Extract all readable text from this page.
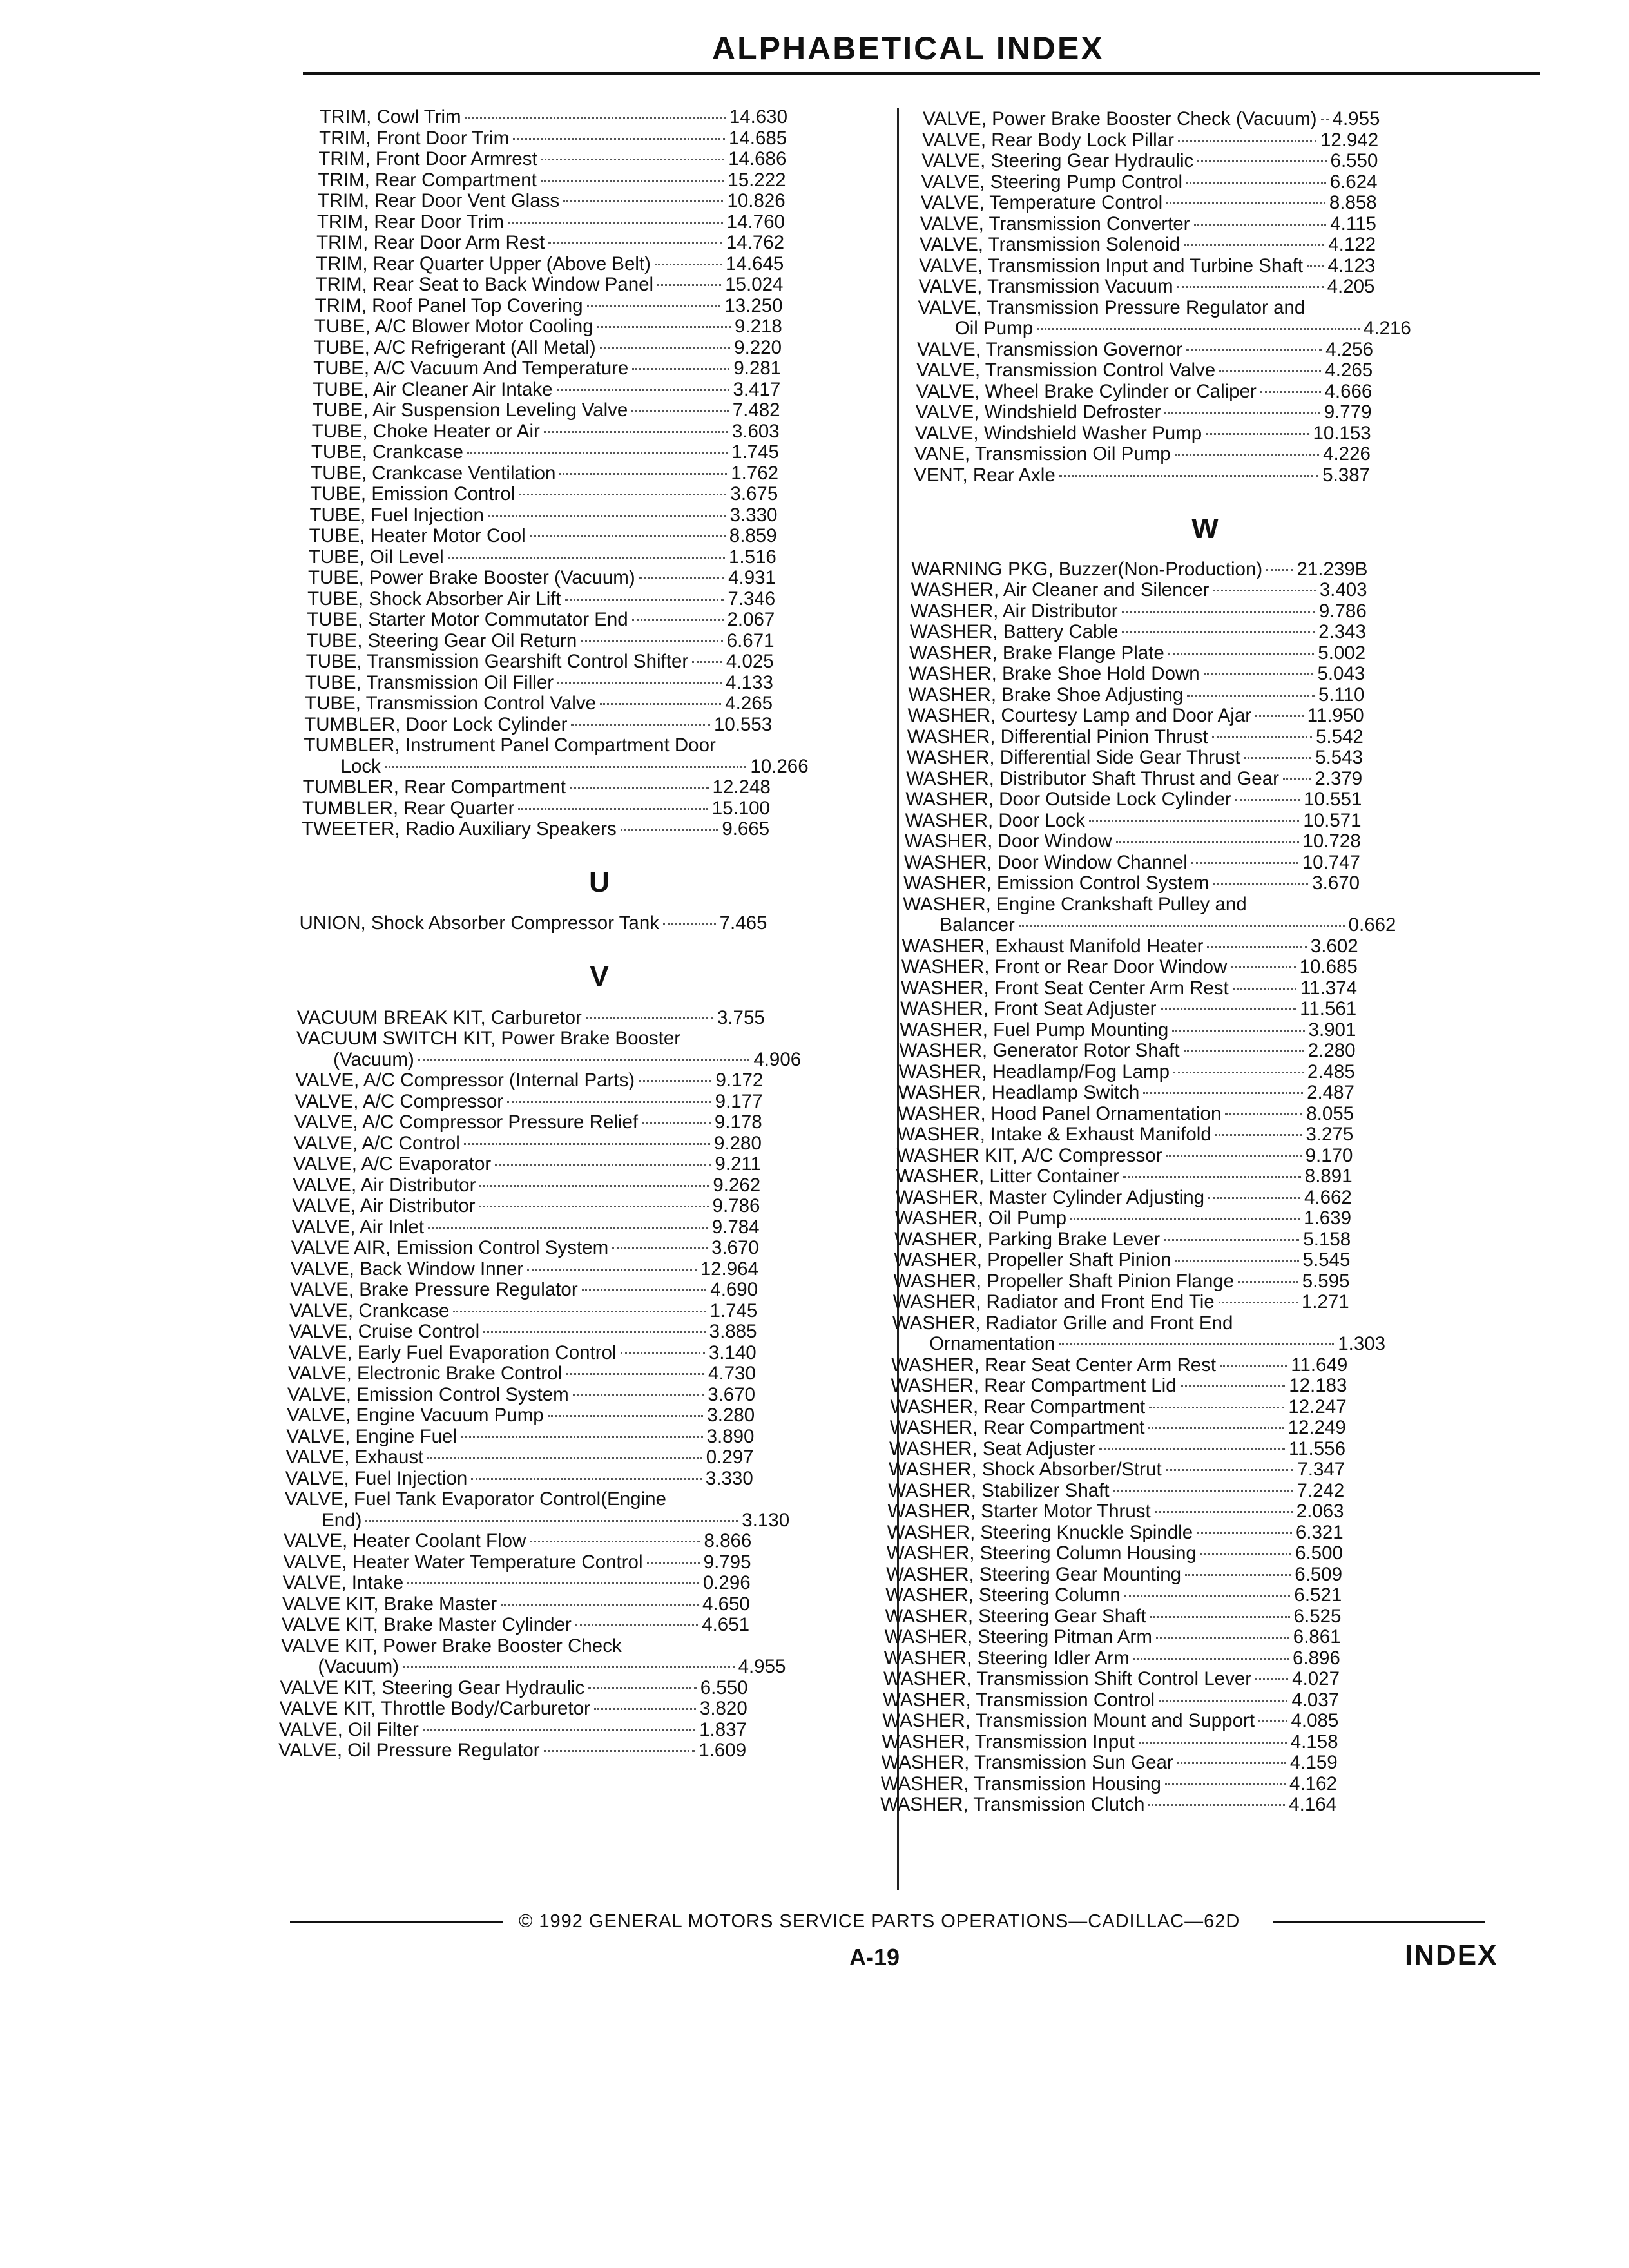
ALPHABETICAL INDEX
TRIM, Cowl Trim	14.630
TRIM, Front Door Trim	14.685
TRIM, Front Door Armrest	14.686
TRIM, Rear Compartment	15.222
TRIM, Rear Door Vent Glass	10.826
TRIM, Rear Door Trim	14.760
TRIM, Rear Door Arm Rest	14.762
TRIM, Rear Quarter Upper (Above Belt)	14.645
TRIM, Rear Seat to Back Window Panel	15.024
TRIM, Roof Panel Top Covering	13.250
TUBE, A/C Blower Motor Cooling	9.218
TUBE, A/C Refrigerant (All Metal)	9.220
TUBE, A/C Vacuum And Temperature	9.281
TUBE, Air Cleaner Air Intake	3.417
TUBE, Air Suspension Leveling Valve	7.482
TUBE, Choke Heater or Air	3.603
TUBE, Crankcase	1.745
TUBE, Crankcase Ventilation	1.762
TUBE, Emission Control	3.675
TUBE, Fuel Injection	3.330
TUBE, Heater Motor Cool	8.859
TUBE, Oil Level	1.516
TUBE, Power Brake Booster (Vacuum)	4.931
TUBE, Shock Absorber Air Lift	7.346
TUBE, Starter Motor Commutator End	2.067
TUBE, Steering Gear Oil Return	6.671
TUBE, Transmission Gearshift Control Shifter 4.025
TUBE, Transmission Oil Filler	4.133
TUBE, Transmission Control Valve	4.265
TUMBLER, Door Lock Cylinder	10.553
TUMBLER, Instrument Panel Compartment Door
Lock	10.266
TUMBLER, Rear Compartment	12.248
TUMBLER, Rear Quarter	15.100
TWEETER, Radio Auxiliary Speakers	9.665
U
UNION, Shock Absorber Compressor Tank	7.465
V
VACUUM BREAK KIT, Carburetor	3.755
VACUUM SWITCH KIT, Power Brake Booster
(Vacuum)	4.906
VALVE, A/C Compressor (Internal Parts)	9.172
VALVE, A/C Compressor	9.177
VALVE, A/C Compressor Pressure Relief	9.178
VALVE, A/C Control	9.280
VALVE, A/C Evaporator	9.211
VALVE, Air Distributor	9.262
VALVE, Air Distributor	9.786
VALVE, Air Inlet	9.784
VALVE AIR, Emission Control System	3.670
VALVE, Back Window Inner	12.964
VALVE, Brake Pressure Regulator	4.690
VALVE, Crankcase	1.745
VALVE, Cruise Control	3.885
VALVE, Early Fuel Evaporation Control	3.140
VALVE, Electronic Brake Control	4.730
VALVE, Emission Control System	3.670
VALVE, Engine Vacuum Pump	3.280
VALVE, Engine Fuel	3.890
VALVE, Exhaust	0.297
VALVE, Fuel Injection	3.330
VALVE, Fuel Tank Evaporator Control(Engine
End)	3.130
VALVE, Heater Coolant Flow	8.866
VALVE, Heater Water Temperature Control	9.795
VALVE, Intake	0.296
VALVE KIT, Brake Master	4.650
VALVE KIT, Brake Master Cylinder	4.651
VALVE KIT, Power Brake Booster Check
(Vacuum)	4.955
VALVE KIT, Steering Gear Hydraulic	6.550
VALVE KIT, Throttle Body/Carburetor	3.820
VALVE, Oil Filter	1.837
VALVE, Oil Pressure Regulator	1.609
VALVE, Power Brake Booster Check (Vacuum) 4.955
VALVE, Rear Body Lock Pillar	12.942
VALVE, Steering Gear Hydraulic	6.550
VALVE, Steering Pump Control	6.624
VALVE, Temperature Control	8.858
VALVE, Transmission Converter	4.115
VALVE, Transmission Solenoid	4.122
VALVE, Transmission Input and Turbine Shaft 4.123
VALVE, Transmission Vacuum	4.205
VALVE, Transmission Pressure Regulator and
Oil Pump	4.216
VALVE, Transmission Governor	4.256
VALVE, Transmission Control Valve	4.265
VALVE, Wheel Brake Cylinder or Caliper	4.666
VALVE, Windshield Defroster	9.779
VALVE, Windshield Washer Pump	10.153
VANE, Transmission Oil Pump	4.226
VENT, Rear Axle	5.387
W
WARNING PKG, Buzzer(Non-Production) 21.239B
WASHER, Air Cleaner and Silencer	3.403
WASHER, Air Distributor	9.786
WASHER, Battery Cable	2.343
WASHER, Brake Flange Plate	5.002
WASHER, Brake Shoe Hold Down	5.043
WASHER, Brake Shoe Adjusting	5.110
WASHER, Courtesy Lamp and Door Ajar	11.950
WASHER, Differential Pinion Thrust	5.542
WASHER, Differential Side Gear Thrust	5.543
WASHER, Distributor Shaft Thrust and Gear 2.379
WASHER, Door Outside Lock Cylinder	10.551
WASHER, Door Lock	10.571
WASHER, Door Window	10.728
WASHER, Door Window Channel	10.747
WASHER, Emission Control System	3.670
WASHER, Engine Crankshaft Pulley and
Balancer	0.662
WASHER, Exhaust Manifold Heater	3.602
WASHER, Front or Rear Door Window	10.685
WASHER, Front Seat Center Arm Rest	11.374
WASHER, Front Seat Adjuster	11.561
WASHER, Fuel Pump Mounting	3.901
WASHER, Generator Rotor Shaft	2.280
WASHER, Headlamp/Fog Lamp	2.485
WASHER, Headlamp Switch	2.487
WASHER, Hood Panel Ornamentation	8.055
WASHER, Intake & Exhaust Manifold	3.275
WASHER KIT, A/C Compressor	9.170
WASHER, Litter Container	8.891
WASHER, Master Cylinder Adjusting	4.662
WASHER, Oil Pump	1.639
WASHER, Parking Brake Lever	5.158
WASHER, Propeller Shaft Pinion	5.545
WASHER, Propeller Shaft Pinion Flange	5.595
WASHER, Radiator and Front End Tie	1.271
WASHER, Radiator Grille and Front End
Ornamentation	1.303
WASHER, Rear Seat Center Arm Rest	11.649
WASHER, Rear Compartment Lid	12.183
WASHER, Rear Compartment	12.247
WASHER, Rear Compartment	12.249
WASHER, Seat Adjuster	11.556
WASHER, Shock Absorber/Strut	7.347
WASHER, Stabilizer Shaft	7.242
WASHER, Starter Motor Thrust	2.063
WASHER, Steering Knuckle Spindle	6.321
WASHER, Steering Column Housing	6.500
WASHER, Steering Gear Mounting	6.509
WASHER, Steering Column	6.521
WASHER, Steering Gear Shaft	6.525
WASHER, Steering Pitman Arm	6.861
WASHER, Steering Idler Arm	6.896
WASHER, Transmission Shift Control Lever 4.027
WASHER, Transmission Control	4.037
WASHER, Transmission Mount and Support 4.085
WASHER, Transmission Input	4.158
WASHER, Transmission Sun Gear	4.159
WASHER, Transmission Housing	4.162
WASHER, Transmission Clutch	4.164
© 1992 GENERAL MOTORS SERVICE PARTS OPERATIONS—CADILLAC—62D
A-19	INDEX
